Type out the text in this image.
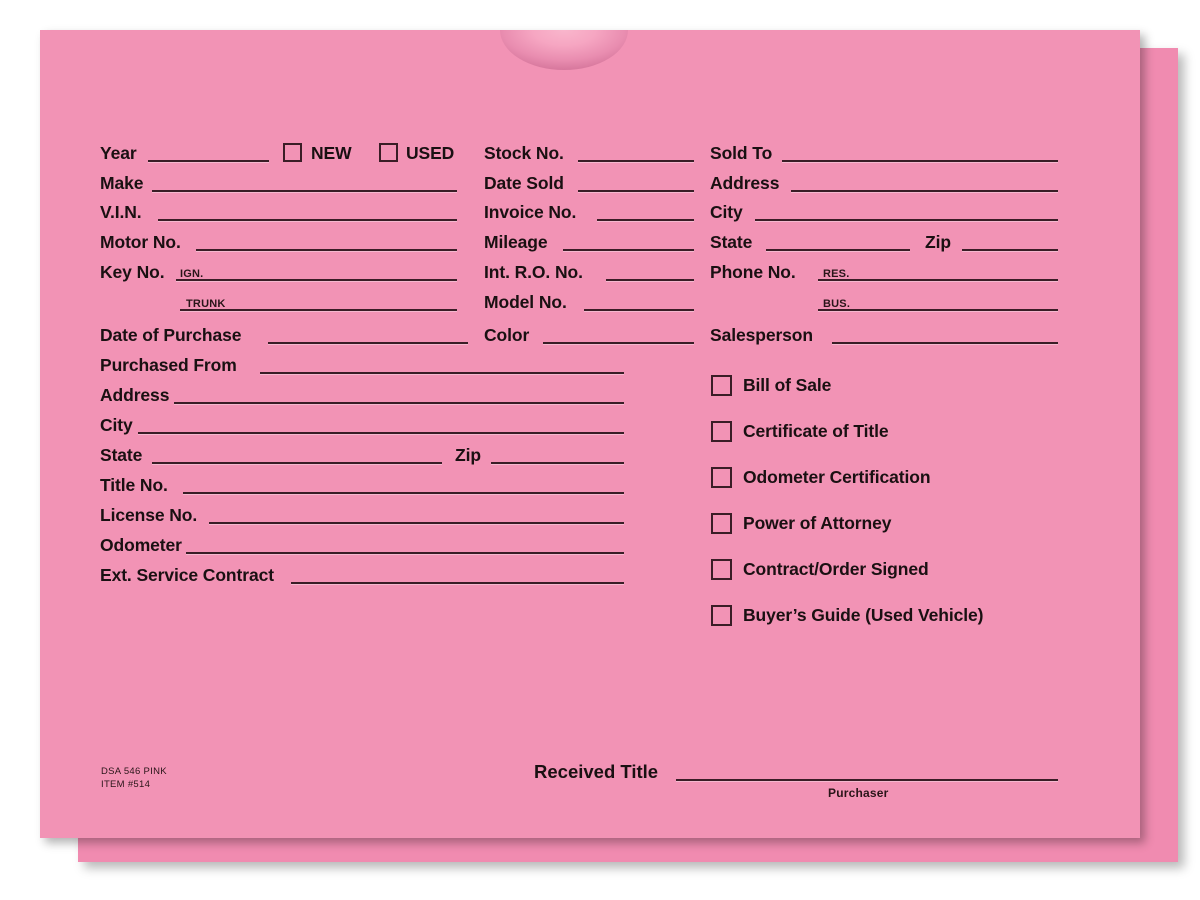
Year	NEW	USED
Make
V.I.N.
Motor No.
Key No. IGN.
TRUNK
Date of Purchase
Purchased From
Address
City
State	Zip
Title No.
License No.
Odometer
Ext. Service Contract
Stock No.
Date Sold
Invoice No.
Mileage
Int. R.O. No.
Model No.
Color
Sold To
Address
City
State	Zip
Phone No. RES.
BUS.
Salesperson
Bill of Sale
Certificate of Title
Odometer Certification
Power of Attorney
Contract/Order Signed
Buyer’s Guide (Used Vehicle)
DSA 546 PINK
ITEM #514
Received Title
Purchaser
